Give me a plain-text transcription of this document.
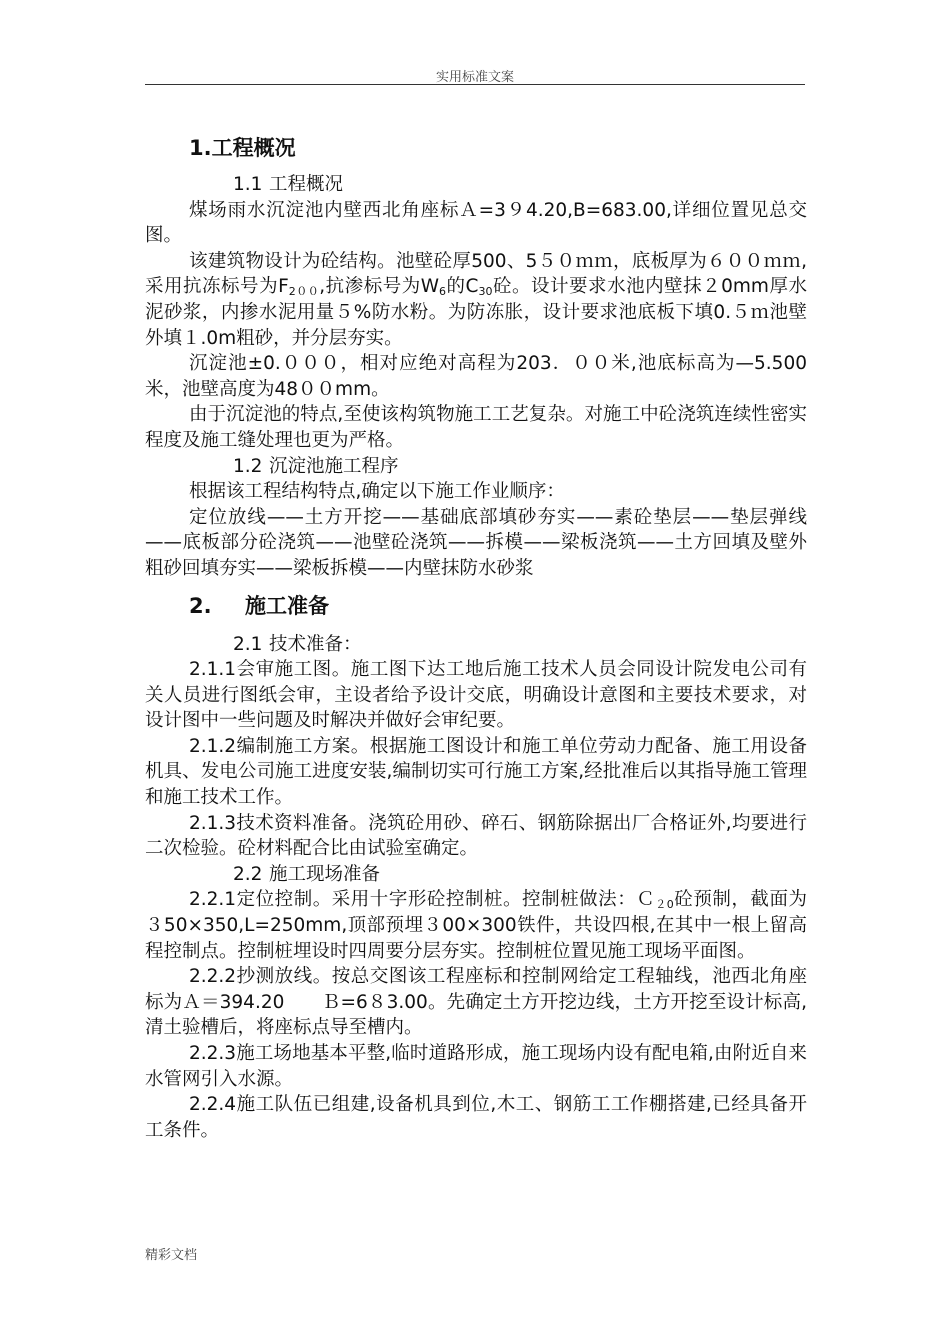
实用标准文案
1.工程概况

1.1 工程概况

煤场雨水沉淀池内壁西北角座标Ａ=3９4.20,B=683.00,详细位置见总交图。

该建筑物设计为砼结构。池壁砼厚500、5５０ｍｍ，底板厚为６００ｍｍ,采用抗冻标号为$F_{200}$,抗渗标号为$W_6$的$C_{30}$砼。设计要求水池内壁抹２0mm厚水泥砂浆，内掺水泥用量５%防水粉。为防冻胀，设计要求池底板下填0.５ｍ池壁外填１.0m粗砂，并分层夯实。

沉淀池±0.０００，相对应绝对高程为203．００米,池底标高为—5.500米，池壁高度为48００mm。

由于沉淀池的特点,至使该构筑物施工工艺复杂。对施工中砼浇筑连续性密实程度及施工缝处理也更为严格。

1.2 沉淀池施工程序

根据该工程结构特点,确定以下施工作业顺序：

定位放线——土方开挖——基础底部填砂夯实——素砼垫层——垫层弹线——底板部分砼浇筑——池壁砼浇筑——拆模——梁板浇筑——土方回填及壁外粗砂回填夯实——梁板拆模——内壁抹防水砂浆

2. 施工准备

2.1 技术准备：

2.1.1会审施工图。施工图下达工地后施工技术人员会同设计院发电公司有关人员进行图纸会审，主设者给予设计交底，明确设计意图和主要技术要求，对设计图中一些问题及时解决并做好会审纪要。

2.1.2编制施工方案。根据施工图设计和施工单位劳动力配备、施工用设备机具、发电公司施工进度安装,编制切实可行施工方案,经批准后以其指导施工管理和施工技术工作。

2.1.3技术资料准备。浇筑砼用砂、碎石、钢筋除据出厂合格证外,均要进行二次检验。砼材料配合比由试验室确定。

2.2 施工现场准备

2.2.1定位控制。采用十字形砼控制桩。控制桩做法：Ｃ$_{20}$砼预制，截面为３50×350,L=250mm,顶部预埋３00×300铁件，共设四根,在其中一根上留高程控制点。控制桩埋设时四周要分层夯实。控制桩位置见施工现场平面图。

2.2.2抄测放线。按总交图该工程座标和控制网给定工程轴线，池西北角座标为Ａ＝394.20　　Ｂ=6８3.00。先确定土方开挖边线，土方开挖至设计标高,清土验槽后，将座标点导至槽内。

2.2.3施工场地基本平整,临时道路形成，施工现场内设有配电箱,由附近自来水管网引入水源。

2.2.4施工队伍已组建,设备机具到位,木工、钢筋工工作棚搭建,已经具备开工条件。

精彩文档
